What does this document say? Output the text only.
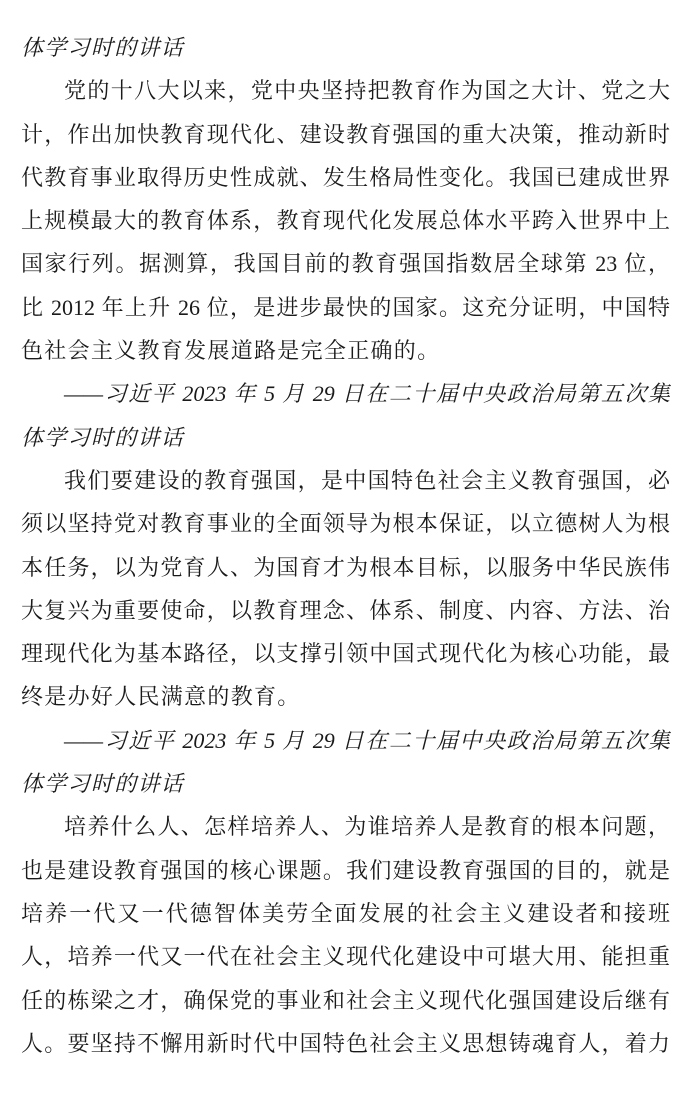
体学习时的讲话
党的十八大以来，党中央坚持把教育作为国之大计、党之大
计，作出加快教育现代化、建设教育强国的重大决策，推动新时
代教育事业取得历史性成就、发生格局性变化。我国已建成世界
上规模最大的教育体系，教育现代化发展总体水平跨入世界中上
国家行列。据测算，我国目前的教育强国指数居全球第 23 位，
比 2012 年上升 26 位，是进步最快的国家。这充分证明，中国特
色社会主义教育发展道路是完全正确的。
——习近平 2023 年 5 月 29 日在二十届中央政治局第五次集
体学习时的讲话
我们要建设的教育强国，是中国特色社会主义教育强国，必
须以坚持党对教育事业的全面领导为根本保证，以立德树人为根
本任务，以为党育人、为国育才为根本目标，以服务中华民族伟
大复兴为重要使命，以教育理念、体系、制度、内容、方法、治
理现代化为基本路径，以支撑引领中国式现代化为核心功能，最
终是办好人民满意的教育。
——习近平 2023 年 5 月 29 日在二十届中央政治局第五次集
体学习时的讲话
培养什么人、怎样培养人、为谁培养人是教育的根本问题，
也是建设教育强国的核心课题。我们建设教育强国的目的，就是
培养一代又一代德智体美劳全面发展的社会主义建设者和接班
人，培养一代又一代在社会主义现代化建设中可堪大用、能担重
任的栋梁之才，确保党的事业和社会主义现代化强国建设后继有
人。要坚持不懈用新时代中国特色社会主义思想铸魂育人，着力
